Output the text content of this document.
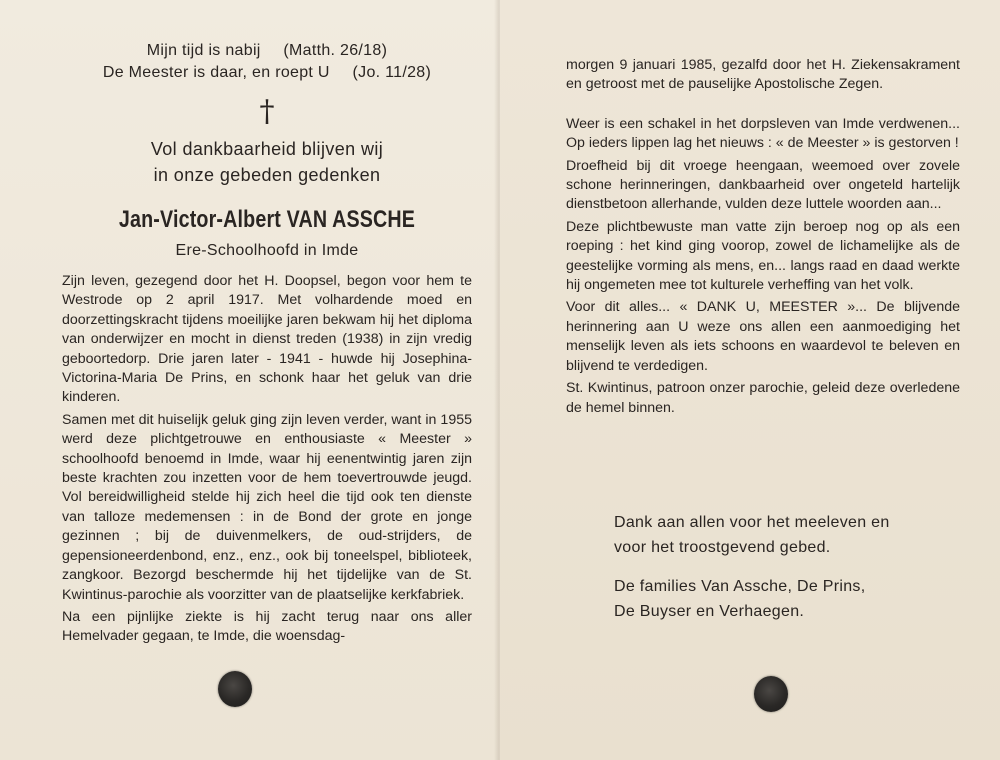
Mijn tijd is nabij (Matth. 26/18)
De Meester is daar, en roept U (Jo. 11/28)
†
Vol dankbaarheid blijven wij
in onze gebeden gedenken
Jan-Victor-Albert VAN ASSCHE
Ere-Schoolhoofd in Imde

Zijn leven, gezegend door het H. Doopsel, begon voor hem te Westrode op 2 april 1917. Met volhardende moed en doorzettingskracht tijdens moeilijke jaren bekwam hij het diploma van onderwijzer en mocht in dienst treden (1938) in zijn vredig geboortedorp. Drie jaren later - 1941 - huwde hij Josephina-Victorina-Maria De Prins, en schonk haar het geluk van drie kinderen.

Samen met dit huiselijk geluk ging zijn leven verder, want in 1955 werd deze plichtgetrouwe en enthousiaste « Meester » schoolhoofd benoemd in Imde, waar hij eenentwintig jaren zijn beste krachten zou inzetten voor de hem toevertrouwde jeugd. Vol bereidwilligheid stelde hij zich heel die tijd ook ten dienste van talloze medemensen : in de Bond der grote en jonge gezinnen ; bij de duivenmelkers, de oud-strijders, de gepensioneerdenbond, enz., enz., ook bij toneelspel, biblioteek, zangkoor. Bezorgd beschermde hij het tijdelijke van de St. Kwintinus-parochie als voorzitter van de plaatselijke kerkfabriek.

Na een pijnlijke ziekte is hij zacht terug naar ons aller Hemelvader gegaan, te Imde, die woensdag-

morgen 9 januari 1985, gezalfd door het H. Ziekensakrament en getroost met de pauselijke Apostolische Zegen.

Weer is een schakel in het dorpsleven van Imde verdwenen... Op ieders lippen lag het nieuws : « de Meester » is gestorven !

Droefheid bij dit vroege heengaan, weemoed over zovele schone herinneringen, dankbaarheid over ongeteld hartelijk dienstbetoon allerhande, vulden deze luttele woorden aan...

Deze plichtbewuste man vatte zijn beroep nog op als een roeping : het kind ging voorop, zowel de lichamelijke als de geestelijke vorming als mens, en... langs raad en daad werkte hij ongemeten mee tot kulturele verheffing van het volk.

Voor dit alles... « DANK U, MEESTER »... De blijvende herinnering aan U weze ons allen een aanmoediging het menselijk leven als iets schoons en waardevol te beleven en blijvend te verdedigen.

St. Kwintinus, patroon onzer parochie, geleid deze overledene de hemel binnen.

Dank aan allen voor het meeleven en
voor het troostgevend gebed.
De families Van Assche, De Prins,
De Buyser en Verhaegen.
